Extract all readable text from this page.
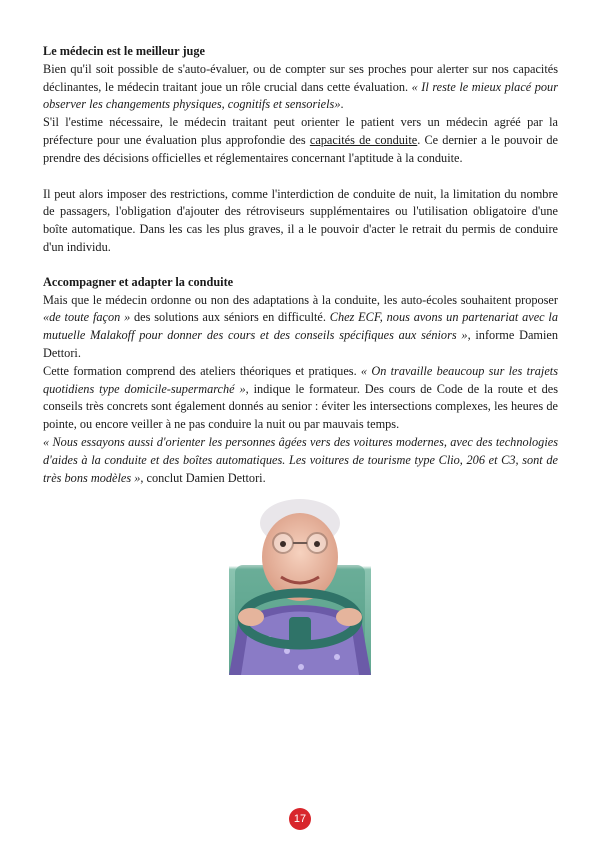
Le médecin est le meilleur juge

Bien qu'il soit possible de s'auto-évaluer, ou de compter sur ses proches pour alerter sur nos capacités déclinantes, le médecin traitant joue un rôle crucial dans cette évaluation. « Il reste le mieux placé pour observer les changements physiques, cognitifs et sensoriels».

S'il l'estime nécessaire, le médecin traitant peut orienter le patient vers un médecin agréé par la préfecture pour une évaluation plus approfondie des capacités de conduite. Ce dernier a le pouvoir de prendre des décisions officielles et réglementaires concernant l'aptitude à la conduite.

Il peut alors imposer des restrictions, comme l'interdiction de conduite de nuit, la limitation du nombre de passagers, l'obligation d'ajouter des rétroviseurs supplémentaires ou l'utilisation obligatoire d'une boîte automatique. Dans les cas les plus graves, il a le pouvoir d'acter le retrait du permis de conduire d'un individu.

Accompagner et adapter la conduite

Mais que le médecin ordonne ou non des adaptations à la conduite, les auto-écoles souhaitent proposer «de toute façon » des solutions aux séniors en difficulté. Chez ECF, nous avons un partenariat avec la mutuelle Malakoff pour donner des cours et des conseils spécifiques aux séniors », informe Damien Dettori.

Cette formation comprend des ateliers théoriques et pratiques. « On travaille beaucoup sur les trajets quotidiens type domicile-supermarché », indique le formateur. Des cours de Code de la route et des conseils très concrets sont également donnés au senior : éviter les intersections complexes, les heures de pointe, ou encore veiller à ne pas conduire la nuit ou par mauvais temps.

« Nous essayons aussi d'orienter les personnes âgées vers des voitures modernes, avec des technologies d'aides à la conduite et des boîtes automatiques. Les voitures de tourisme type Clio, 206 et C3, sont de très bons modèles », conclut Damien Dettori.

17
